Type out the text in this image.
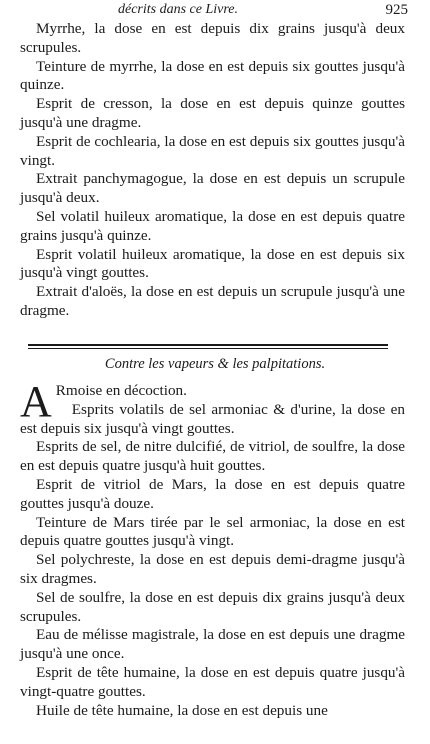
décrits dans ce Livre.	925

Myrrhe, la dose en est depuis dix grains jusqu'à deux scrupules.

Teinture de myrrhe, la dose en est depuis six gouttes jusqu'à quinze.

Esprit de cresson, la dose en est depuis quinze gouttes jusqu'à une dragme.

Esprit de cochlearia, la dose en est depuis six gouttes jusqu'à vingt.

Extrait panchymagogue, la dose en est depuis un scrupule jusqu'à deux.

Sel volatil huileux aromatique, la dose en est depuis quatre grains jusqu'à quinze.

Esprit volatil huileux aromatique, la dose en est depuis six jusqu'à vingt gouttes.

Extrait d'aloës, la dose en est depuis un scrupule jusqu'à une dragme.

Contre les vapeurs & les palpitations.
A Rmoise en décoction.

Esprits volatils de sel armoniac & d'urine, la dose en est depuis six jusqu'à vingt gouttes.

Esprits de sel, de nitre dulcifié, de vitriol, de soulfre, la dose en est depuis quatre jusqu'à huit gouttes.

Esprit de vitriol de Mars, la dose en est depuis quatre gouttes jusqu'à douze.

Teinture de Mars tirée par le sel armoniac, la dose en est depuis quatre gouttes jusqu'à vingt.

Sel polychreste, la dose en est depuis demi-dragme jusqu'à six dragmes.

Sel de soulfre, la dose en est depuis dix grains jusqu'à deux scrupules.

Eau de mélisse magistrale, la dose en est depuis une dragme jusqu'à une once.

Esprit de tête humaine, la dose en est depuis quatre jusqu'à vingt-quatre gouttes.

Huile de tête humaine, la dose en est depuis une
